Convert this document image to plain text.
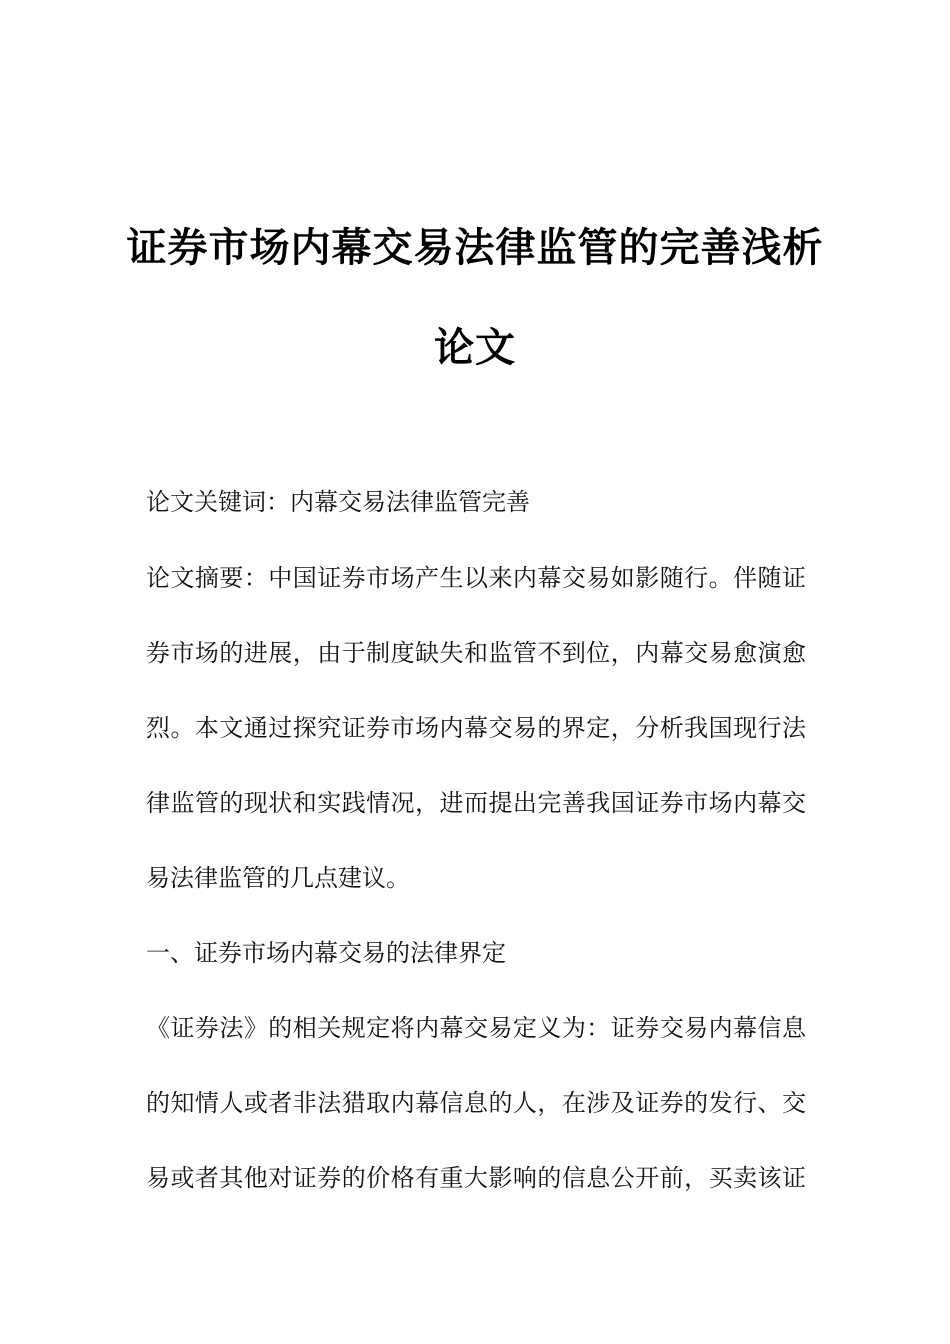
证券市场内幕交易法律监管的完善浅析
论文
论文关键词：内幕交易法律监管完善
论文摘要：中国证券市场产生以来内幕交易如影随行。伴随证
券市场的进展，由于制度缺失和监管不到位，内幕交易愈演愈
烈。本文通过探究证券市场内幕交易的界定，分析我国现行法
律监管的现状和实践情况，进而提出完善我国证券市场内幕交
易法律监管的几点建议。
一、证券市场内幕交易的法律界定
《证券法》的相关规定将内幕交易定义为：证券交易内幕信息
的知情人或者非法猎取内幕信息的人，在涉及证券的发行、交
易或者其他对证券的价格有重大影响的信息公开前，买卖该证
